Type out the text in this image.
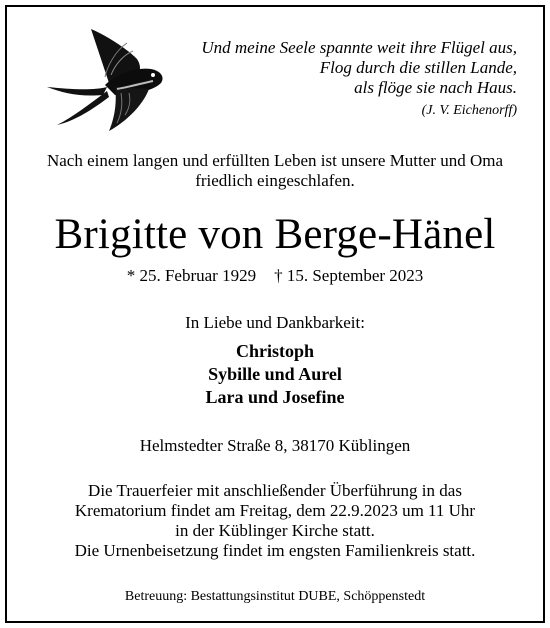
Und meine Seele spannte weit ihre Flügel aus,
Flog durch die stillen Lande,
als flöge sie nach Haus.
(J. V. Eichenorff)
Nach einem langen und erfüllten Leben ist unsere Mutter und Oma
friedlich eingeschlafen.
Brigitte von Berge-Hänel
* 25. Februar 1929 † 15. September 2023
In Liebe und Dankbarkeit:
Christoph
Sybille und Aurel
Lara und Josefine
Helmstedter Straße 8, 38170 Küblingen
Die Trauerfeier mit anschließender Überführung in das
Krematorium findet am Freitag, dem 22.9.2023 um 11 Uhr
in der Küblinger Kirche statt.
Die Urnenbeisetzung findet im engsten Familienkreis statt.
Betreuung: Bestattungsinstitut DUBE, Schöppenstedt
